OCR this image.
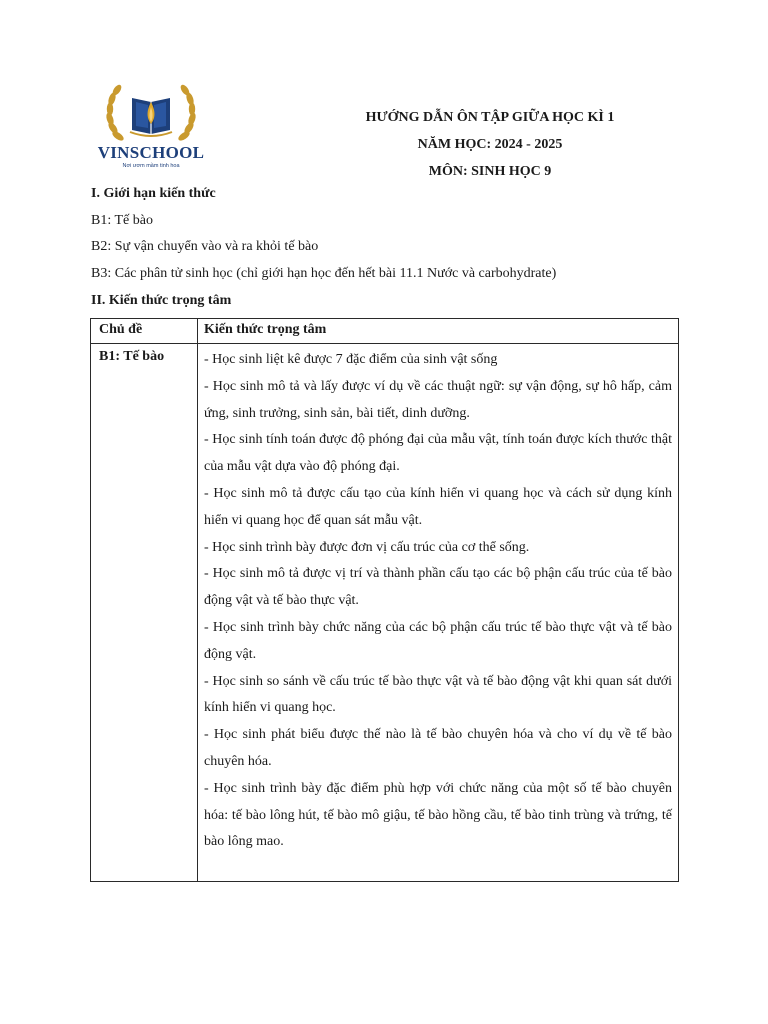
VINSCHOOL
Nơi ươm mầm tinh hoa
HƯỚNG DẪN ÔN TẬP GIỮA HỌC KÌ 1
NĂM HỌC: 2024 - 2025
MÔN: SINH HỌC 9
I. Giới hạn kiến thức
B1: Tế bào
B2: Sự vận chuyển vào và ra khỏi tế bào
B3: Các phân tử sinh học (chỉ giới hạn học đến hết bài 11.1 Nước và carbohydrate)
II. Kiến thức trọng tâm
Chủ đề	Kiến thức trọng tâm
B1: Tế bào	- Học sinh liệt kê được 7 đặc điểm của sinh vật sống

- Học sinh mô tả và lấy được ví dụ về các thuật ngữ: sự vận động, sự hô hấp, cảm ứng, sinh trưởng, sinh sản, bài tiết, dinh dưỡng.

- Học sinh tính toán được độ phóng đại của mẫu vật, tính toán được kích thước thật của mẫu vật dựa vào độ phóng đại.

- Học sinh mô tả được cấu tạo của kính hiển vi quang học và cách sử dụng kính hiển vi quang học để quan sát mẫu vật.

- Học sinh trình bày được đơn vị cấu trúc của cơ thể sống.

- Học sinh mô tả được vị trí và thành phần cấu tạo các bộ phận cấu trúc của tế bào động vật và tế bào thực vật.

- Học sinh trình bày chức năng của các bộ phận cấu trúc tế bào thực vật và tế bào động vật.

- Học sinh so sánh về cấu trúc tế bào thực vật và tế bào động vật khi quan sát dưới kính hiển vi quang học.

- Học sinh phát biểu được thế nào là tế bào chuyên hóa và cho ví dụ về tế bào chuyên hóa.

- Học sinh trình bày đặc điểm phù hợp với chức năng của một số tế bào chuyên hóa: tế bào lông hút, tế bào mô giậu, tế bào hồng cầu, tế bào tinh trùng và trứng, tế bào lông mao.
